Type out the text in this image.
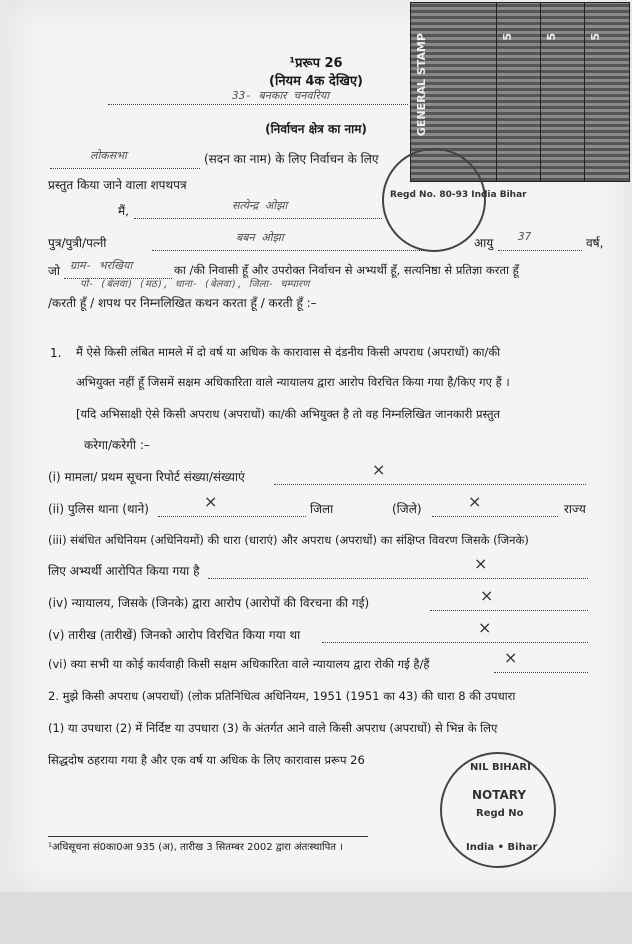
GENERAL STAMP	5	5	5
Regd No. 80-93 India Bihar
¹प्ररूप 26
(नियम 4क देखिए)
33- बनकार चनवरिया
(निर्वाचन क्षेत्र का नाम)
लोकसभा	(सदन का नाम) के लिए निर्वाचन के लिए
प्रस्तुत किया जाने वाला शपथपत्र
मैं,	सत्येन्द्र ओझा
पुत्र/पुत्री/पत्नी	बबन ओझा	आयु 37	वर्ष,
जो ग्राम- भरखिया
पो- (बेलवा) (मठ), थाना- (बेलवा), जिला- चम्पारण
का /की निवासी हूँ और उपरोक्त निर्वाचन से अभ्यर्थी हूँ, सत्यनिष्ठा से प्रतिज्ञा करता हूँ
/करती हूँ / शपथ पर निम्नलिखित कथन करता हूँ / करती हूँ :–
1. मैं ऐसे किसी लंबित मामले में दो वर्ष या अधिक के कारावास से दंडनीय किसी अपराध (अपराधों) का/की
अभियुक्त नहीं हूँ जिसमें सक्षम अधिकारिता वाले न्यायालय द्वारा आरोप विरचित किया गया है/किए गए हैं ।
[यदि अभिसाक्षी ऐसे किसी अपराध (अपराधों) का/की अभियुक्त है तो वह निम्नलिखित जानकारी प्रस्तुत
करेगा/करेगी :–
(i) मामला/ प्रथम सूचना रिपोर्ट संख्या/संख्याएं	×
(ii) पुलिस थाना (थाने)	×	जिला	(जिले)	×	राज्य
(iii) संबंधित अधिनियम (अधिनियमों) की धारा (धाराएं) और अपराध (अपराधों) का संक्षिप्त विवरण जिसके (जिनके)
लिए अभ्यर्थी आरोपित किया गया है	×
(iv) न्यायालय, जिसके (जिनके) द्वारा आरोप (आरोपों की विरचना की गई)	×
(v) तारीख (तारीखें) जिनको आरोप विरचित किया गया था	×
(vi) क्या सभी या कोई कार्यवाही किसी सक्षम अधिकारिता वाले न्यायालय द्वारा रोकी गई है/हैं	×
2. मुझे किसी अपराध (अपराधों) (लोक प्रतिनिधित्व अधिनियम, 1951 (1951 का 43) की धारा 8 की उपधारा
(1) या उपधारा (2) में निर्दिष्ट या उपधारा (3) के अंतर्गत आने वाले किसी अपराध (अपराधों) से भिन्न के लिए
सिद्धदोष ठहराया गया है और एक वर्ष या अधिक के लिए कारावास प्ररूप 26
NIL BIHARI
NOTARY
Regd No
India • Bihar
¹अधिसूचना सं0का0आ 935 (अ), तारीख 3 सितम्बर 2002 द्वारा अंतःस्थापित ।
